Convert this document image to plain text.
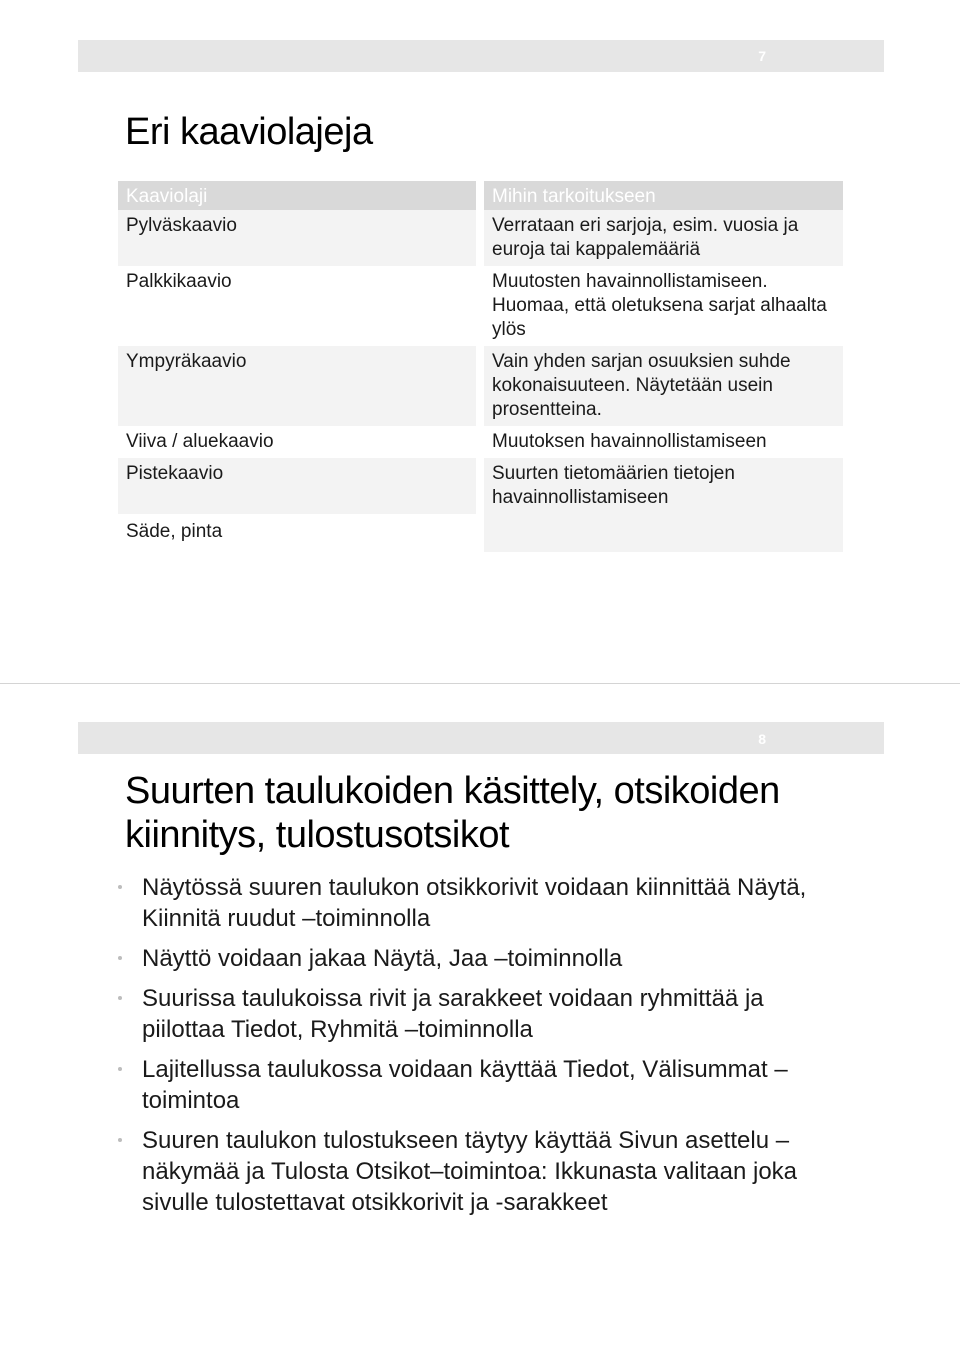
7
Eri kaaviolajeja
Kaaviolaji	Mihin tarkoitukseen
Pylväskaavio	Verrataan eri sarjoja, esim. vuosia ja euroja tai kappalemääriä
Palkkikaavio	Muutosten havainnollistamiseen. Huomaa, että oletuksena sarjat alhaalta ylös
Ympyräkaavio	Vain yhden sarjan osuuksien suhde kokonaisuuteen. Näytetään usein prosentteina.
Viiva / aluekaavio	Muutoksen havainnollistamiseen
Pistekaavio	Suurten tietomäärien tietojen havainnollistamiseen
Säde, pinta
8
Suurten taulukoiden käsittely, otsikoiden kiinnitys, tulostusotsikot
Näytössä suuren taulukon otsikkorivit voidaan kiinnittää Näytä, Kiinnitä ruudut –toiminnolla
Näyttö voidaan jakaa Näytä, Jaa –toiminnolla
Suurissa taulukoissa rivit ja sarakkeet voidaan ryhmittää ja piilottaa Tiedot, Ryhmitä –toiminnolla
Lajitellussa taulukossa voidaan käyttää Tiedot, Välisummat – toimintoa
Suuren taulukon tulostukseen täytyy käyttää Sivun asettelu –näkymää ja Tulosta Otsikot–toimintoa: Ikkunasta valitaan joka sivulle tulostettavat otsikkorivit ja -sarakkeet
